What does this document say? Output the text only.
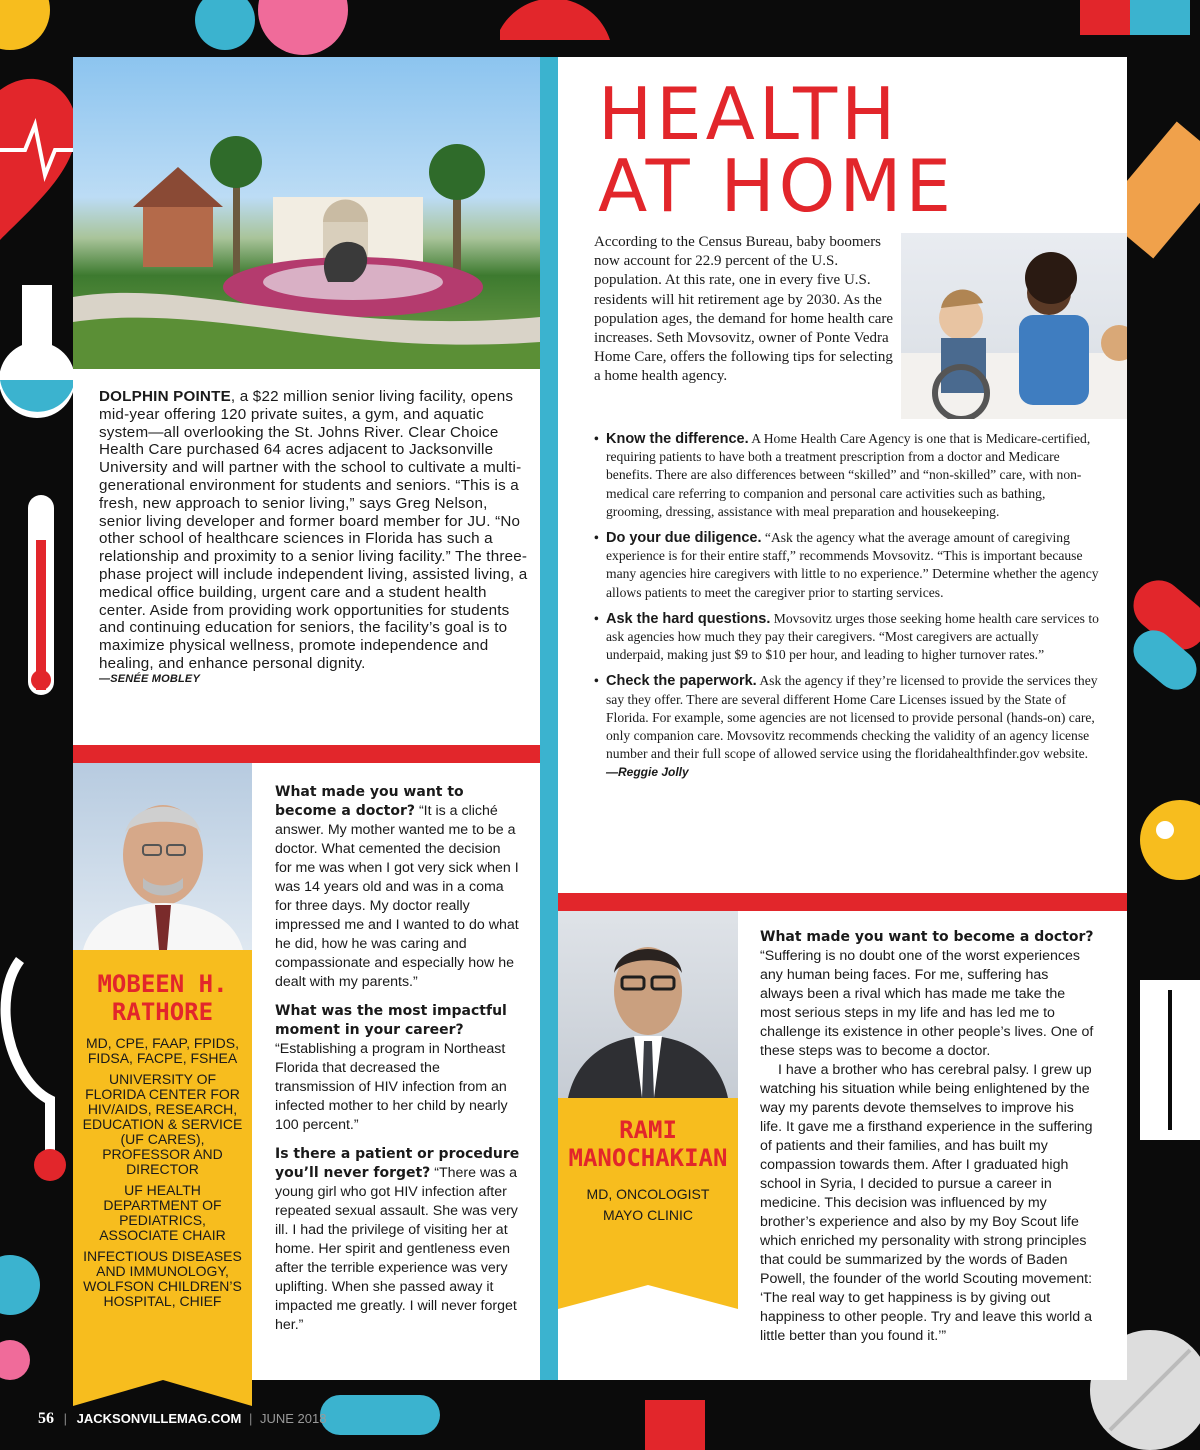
HEALTH
AT HOME

According to the Census Bureau, baby boomers now account for 22.9 percent of the U.S. population. At this rate, one in every five U.S. residents will hit retirement age by 2030. As the population ages, the demand for home health care increases. Seth Movsovitz, owner of Ponte Vedra Home Care, offers the following tips for selecting a home health agency.

• Know the difference. A Home Health Care Agency is one that is Medicare-certified, requiring patients to have both a treatment prescription from a doctor and Medicare benefits. There are also differences between “skilled” and “non-skilled” care, with non-medical care referring to companion and personal care activities such as bathing, grooming, dressing, assistance with meal preparation and housekeeping.

• Do your due diligence. “Ask the agency what the average amount of caregiving experience is for their entire staff,” recommends Movsovitz. “This is important because many agencies hire caregivers with little to no experience.” Determine whether the agency allows patients to meet the caregiver prior to starting services.

• Ask the hard questions. Movsovitz urges those seeking home health care services to ask agencies how much they pay their caregivers. “Most caregivers are actually underpaid, making just $9 to $10 per hour, and leading to higher turnover rates.”

• Check the paperwork. Ask the agency if they’re licensed to provide the services they say they offer. There are several different Home Care Licenses issued by the State of Florida. For example, some agencies are not licensed to provide personal (hands-on) care, only companion care. Movsovitz recommends checking the validity of an agency license number and their full scope of allowed service using the floridahealthfinder.gov website.   —Reggie Jolly

DOLPHIN POINTE, a $22 million senior living facility, opens mid-year offering 120 private suites, a gym, and aquatic system—all overlooking the St. Johns River. Clear Choice Health Care purchased 64 acres adjacent to Jacksonville University and will partner with the school to cultivate a multi-generational environment for students and seniors. “This is a fresh, new approach to senior living,” says Greg Nelson, senior living developer and former board member for JU. “No other school of healthcare sciences in Florida has such a relationship and proximity to a senior living facility.” The three-phase project will include independent living, assisted living, a medical office building, urgent care and a student health center. Aside from providing work opportunities for students and continuing education for seniors, the facility’s goal is to maximize physical wellness, promote independence and healing, and enhance personal dignity.

—SENÉE MOBLEY

MOBEEN H. RATHORE
MD, CPE, FAAP, FPIDS, FIDSA, FACPE, FSHEA
UNIVERSITY OF FLORIDA CENTER FOR HIV/AIDS, RESEARCH, EDUCATION & SERVICE (UF CARES), PROFESSOR AND DIRECTOR
UF HEALTH DEPARTMENT OF PEDIATRICS, ASSOCIATE CHAIR
INFECTIOUS DISEASES AND IMMUNOLOGY, WOLFSON CHILDREN’S HOSPITAL, CHIEF

What made you want to become a doctor? “It is a cliché answer. My mother wanted me to be a doctor. What cemented the decision for me was when I got very sick when I was 14 years old and was in a coma for three days. My doctor really impressed me and I wanted to do what he did, how he was caring and compassionate and especially how he dealt with my parents.”

What was the most impactful moment in your career? “Establishing a program in Northeast Florida that decreased the transmission of HIV infection from an infected mother to her child by nearly 100 percent.”

Is there a patient or procedure you’ll never forget? “There was a young girl who got HIV infection after repeated sexual assault. She was very ill. I had the privilege of visiting her at home. Her spirit and gentleness even after the terrible experience was very uplifting. When she passed away it impacted me greatly. I will never forget her.”

RAMI MANOCHAKIAN
MD, ONCOLOGIST
MAYO CLINIC

What made you want to become a doctor? “Suffering is no doubt one of the worst experiences any human being faces. For me, suffering has always been a rival which has made me take the most serious steps in my life and has led me to challenge its existence in other people’s lives. One of these steps was to become a doctor.

I have a brother who has cerebral palsy. I grew up watching his situation while being enlightened by the way my parents devote themselves to improve his life. It gave me a firsthand experience in the suffering of patients and their families, and has built my compassion towards them. After I graduated high school in Syria, I decided to pursue a career in medicine. This decision was influenced by my brother’s experience and also by my Boy Scout life which enriched my personality with strong principles that could be summarized by the words of Baden Powell, the founder of the world Scouting movement: ‘The real way to get happiness is by giving out happiness to other people. Try and leave this world a little better than you found it.’”

56 | JACKSONVILLEMAG.COM | JUNE 2018
